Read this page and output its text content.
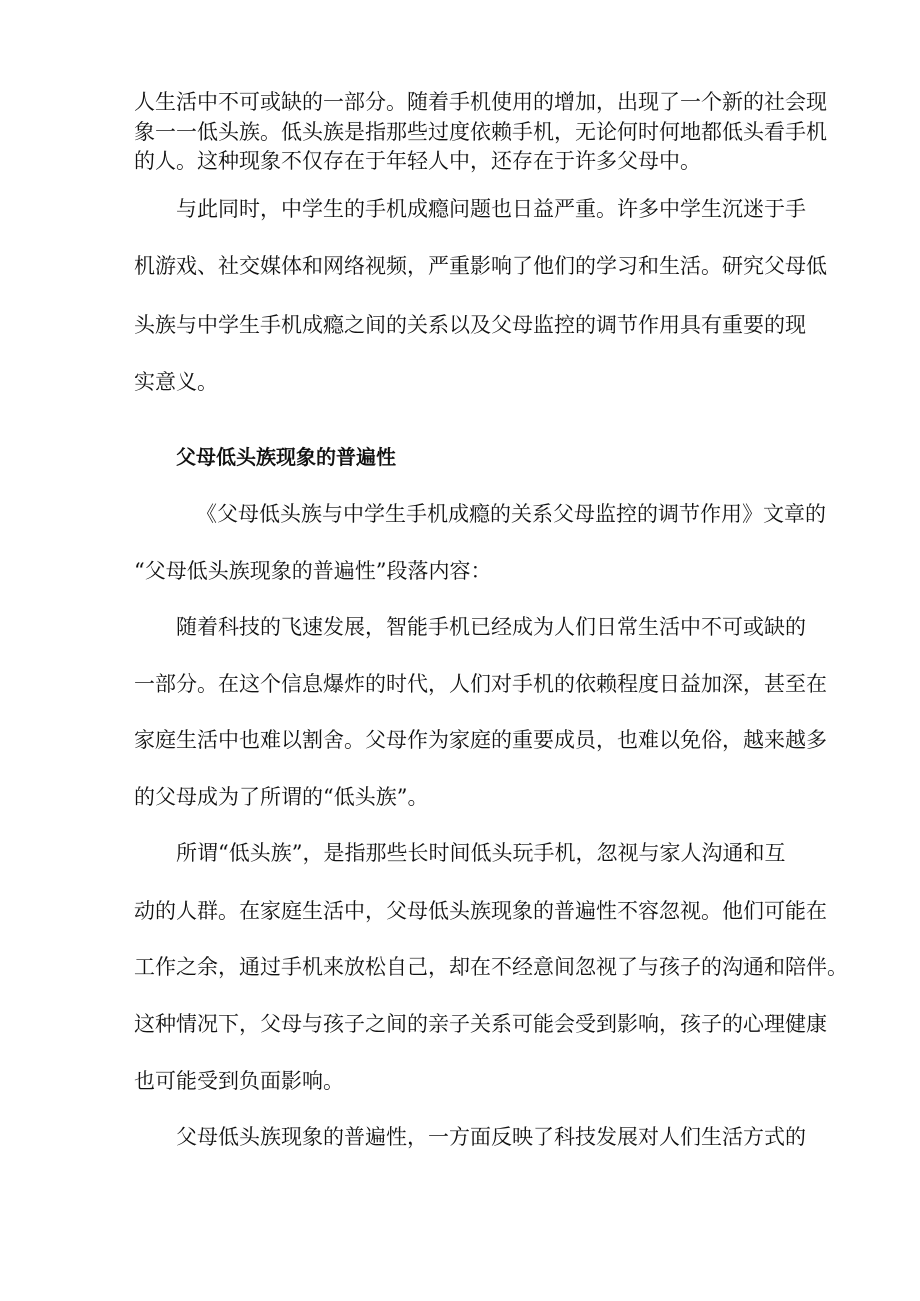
人生活中不可或缺的一部分。随着手机使用的增加，出现了一个新的社会现
象一一低头族。低头族是指那些过度依赖手机，无论何时何地都低头看手机
的人。这种现象不仅存在于年轻人中，还存在于许多父母中。
与此同时，中学生的手机成瘾问题也日益严重。许多中学生沉迷于手
机游戏、社交媒体和网络视频，严重影响了他们的学习和生活。研究父母低
头族与中学生手机成瘾之间的关系以及父母监控的调节作用具有重要的现
实意义。
父母低头族现象的普遍性
《父母低头族与中学生手机成瘾的关系父母监控的调节作用》文章的
“父母低头族现象的普遍性”段落内容：
随着科技的飞速发展，智能手机已经成为人们日常生活中不可或缺的
一部分。在这个信息爆炸的时代，人们对手机的依赖程度日益加深，甚至在
家庭生活中也难以割舍。父母作为家庭的重要成员，也难以免俗，越来越多
的父母成为了所谓的“低头族”。
所谓“低头族”，是指那些长时间低头玩手机，忽视与家人沟通和互
动的人群。在家庭生活中，父母低头族现象的普遍性不容忽视。他们可能在
工作之余，通过手机来放松自己，却在不经意间忽视了与孩子的沟通和陪伴。
这种情况下，父母与孩子之间的亲子关系可能会受到影响，孩子的心理健康
也可能受到负面影响。
父母低头族现象的普遍性，一方面反映了科技发展对人们生活方式的
